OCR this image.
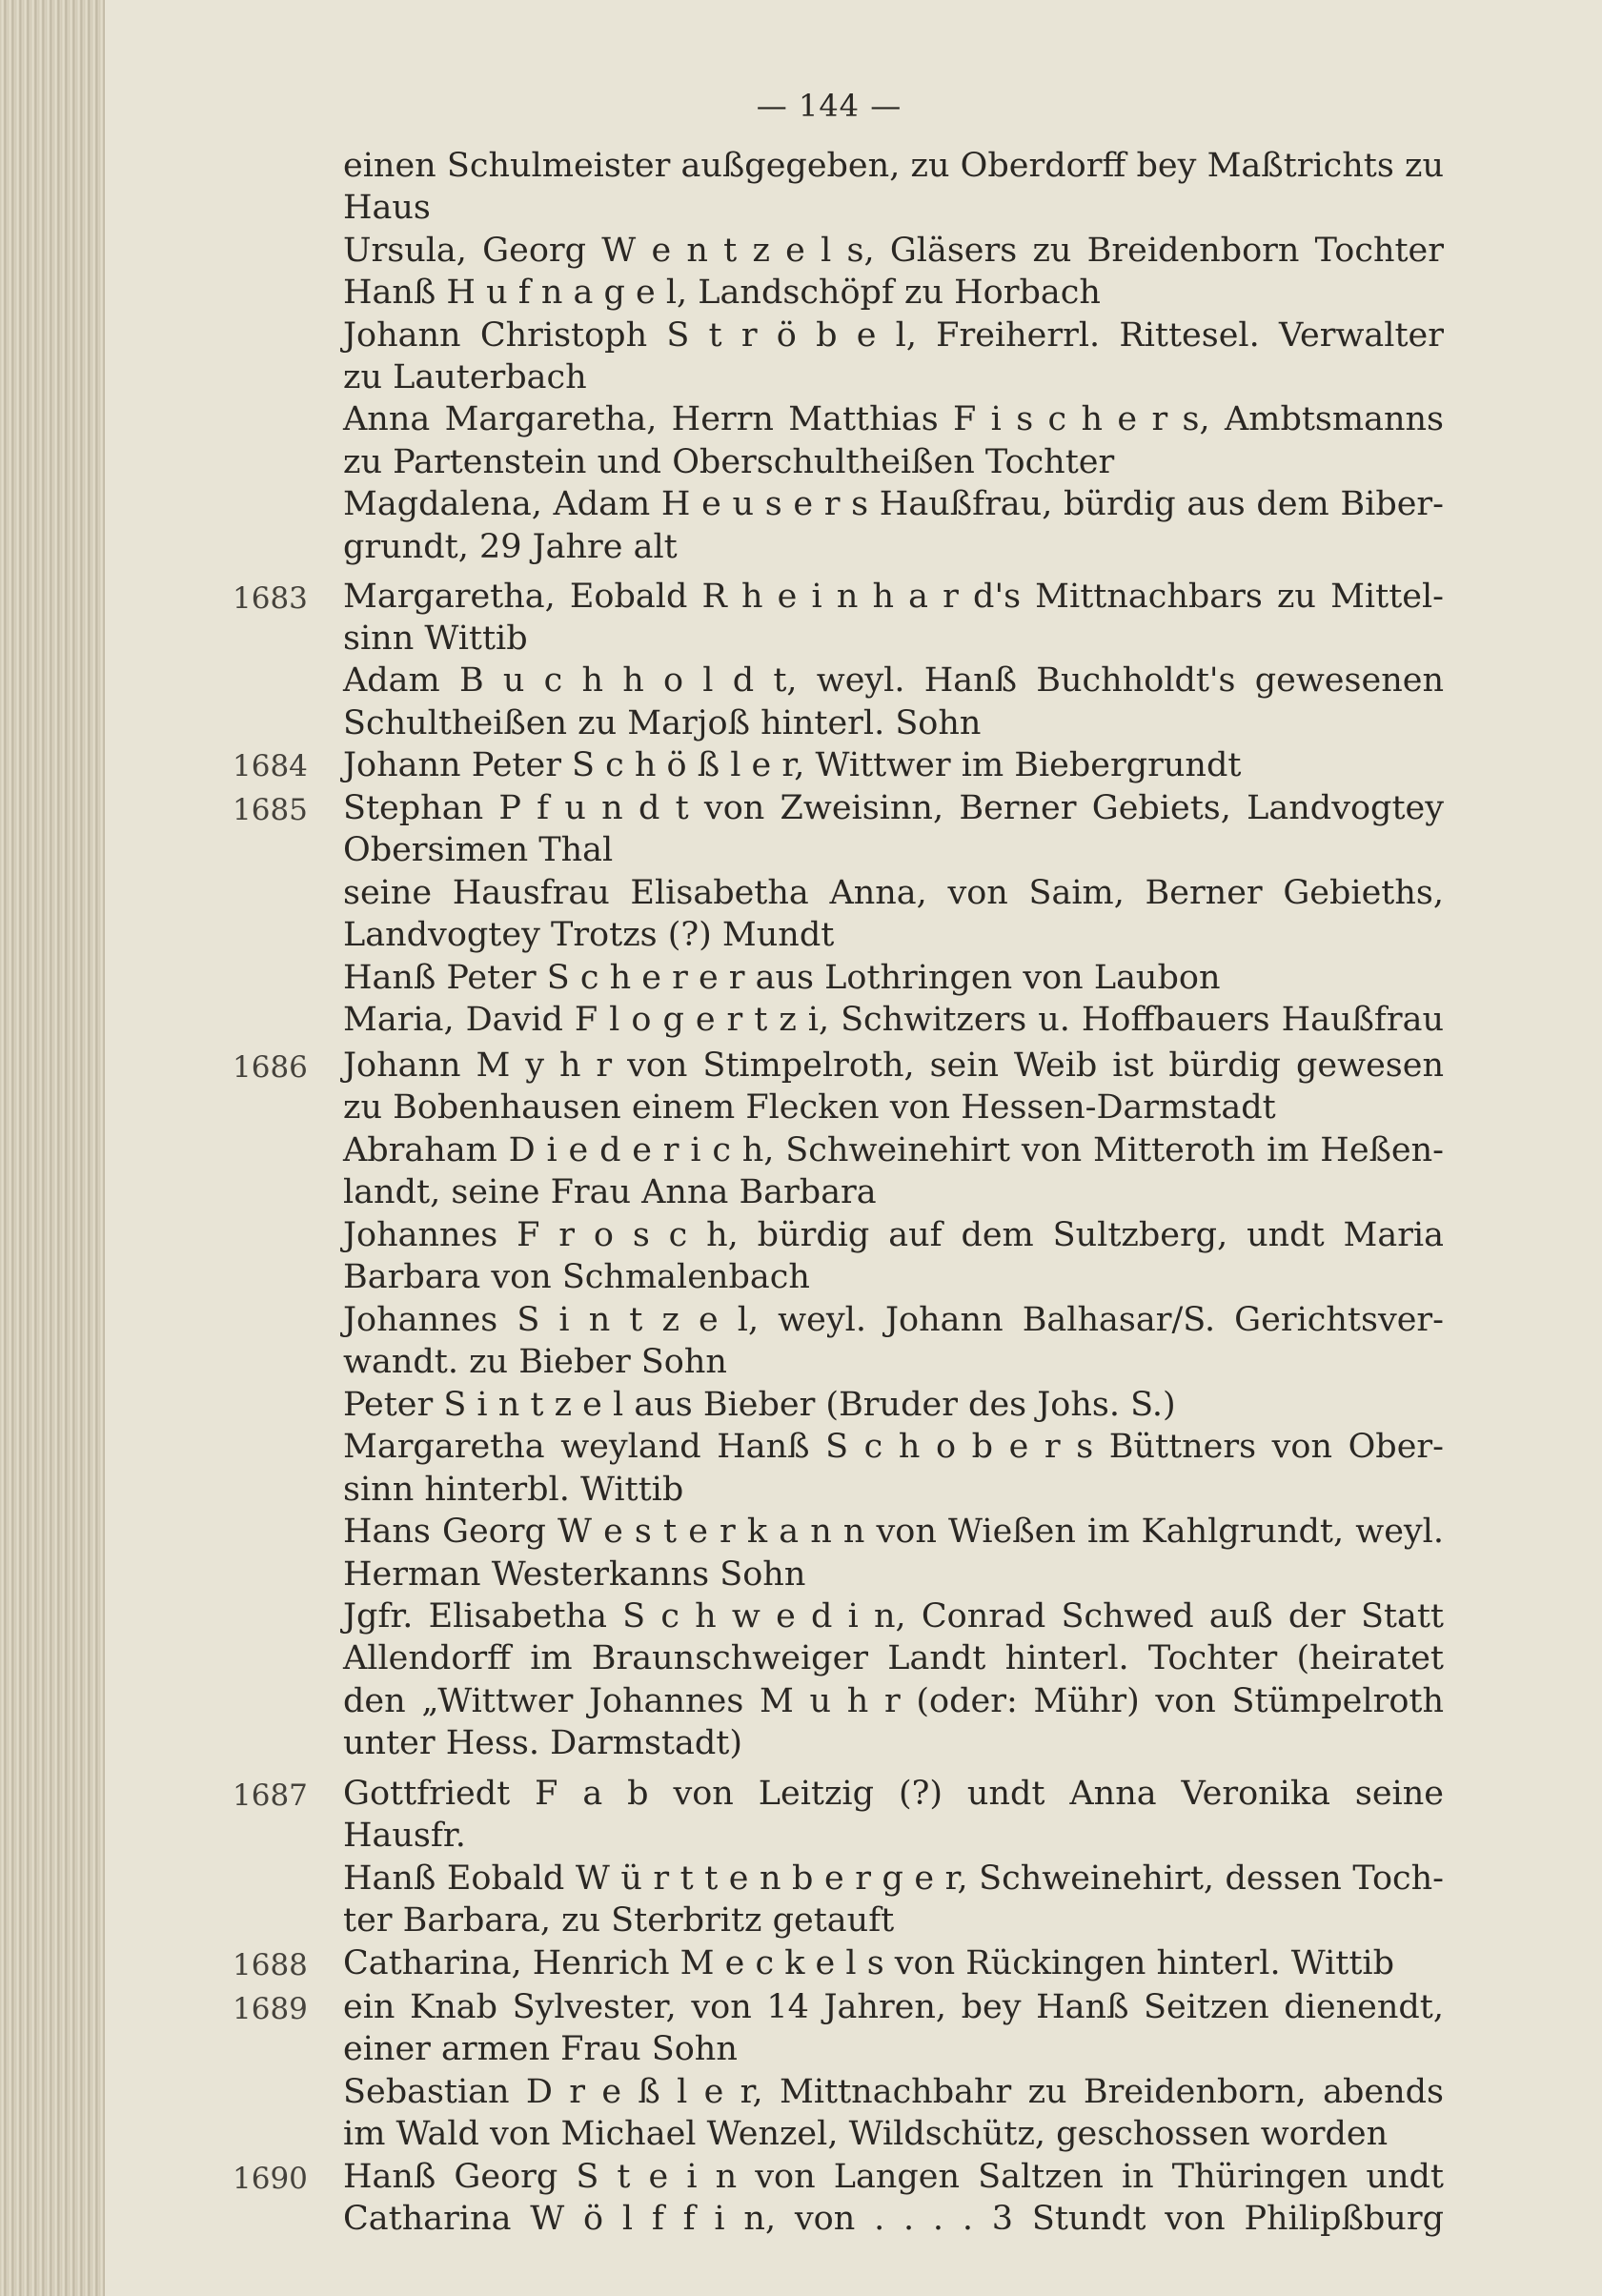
— 144 —
1683
1684
1685
1686
1687
1688
1689
1690
einen Schulmeister außgegeben, zu Oberdorff bey Maßtrichts zu
Haus
Ursula, Georg W e n t z e l s, Gläsers zu Breidenborn Tochter
Hanß H u f n a g e l, Landschöpf zu Horbach
Johann Christoph S t r ö b e l, Freiherrl. Rittesel. Verwalter
zu Lauterbach
Anna Margaretha, Herrn Matthias F i s c h e r s, Ambtsmanns
zu Partenstein und Oberschultheißen Tochter
Magdalena, Adam H e u s e r s Haußfrau, bürdig aus dem Biber-
grundt, 29 Jahre alt
Margaretha, Eobald R h e i n h a r d's Mittnachbars zu Mittel-
sinn Wittib
Adam B u c h h o l d t, weyl. Hanß Buchholdt's gewesenen
Schultheißen zu Marjoß hinterl. Sohn
Johann Peter S c h ö ß l e r, Wittwer im Biebergrundt
Stephan P f u n d t von Zweisinn, Berner Gebiets, Landvogtey
Obersimen Thal
seine Hausfrau Elisabetha Anna, von Saim, Berner Gebieths,
Landvogtey Trotzs (?) Mundt
Hanß Peter S c h e r e r aus Lothringen von Laubon
Maria, David F l o g e r t z i, Schwitzers u. Hoffbauers Haußfrau
Johann M y h r von Stimpelroth, sein Weib ist bürdig gewesen
zu Bobenhausen einem Flecken von Hessen-Darmstadt
Abraham D i e d e r i c h, Schweinehirt von Mitteroth im Heßen-
landt, seine Frau Anna Barbara
Johannes F r o s c h, bürdig auf dem Sultzberg, undt Maria
Barbara von Schmalenbach
Johannes S i n t z e l, weyl. Johann Balhasar/S. Gerichtsver-
wandt. zu Bieber Sohn
Peter S i n t z e l aus Bieber (Bruder des Johs. S.)
Margaretha weyland Hanß S c h o b e r s Büttners von Ober-
sinn hinterbl. Wittib
Hans Georg W e s t e r k a n n von Wießen im Kahlgrundt, weyl.
Herman Westerkanns Sohn
Jgfr. Elisabetha S c h w e d i n, Conrad Schwed auß der Statt
Allendorff im Braunschweiger Landt hinterl. Tochter (heiratet
den „Wittwer Johannes M u h r (oder: Mühr) von Stümpelroth
unter Hess. Darmstadt)
Gottfriedt F a b von Leitzig (?) undt Anna Veronika seine
Hausfr.
Hanß Eobald W ü r t t e n b e r g e r, Schweinehirt, dessen Toch-
ter Barbara, zu Sterbritz getauft
Catharina, Henrich M e c k e l s von Rückingen hinterl. Wittib
ein Knab Sylvester, von 14 Jahren, bey Hanß Seitzen dienendt,
einer armen Frau Sohn
Sebastian D r e ß l e r, Mittnachbahr zu Breidenborn, abends
im Wald von Michael Wenzel, Wildschütz, geschossen worden
Hanß Georg S t e i n von Langen Saltzen in Thüringen undt
Catharina W ö l f f i n, von . . . . 3 Stundt von Philipßburg
